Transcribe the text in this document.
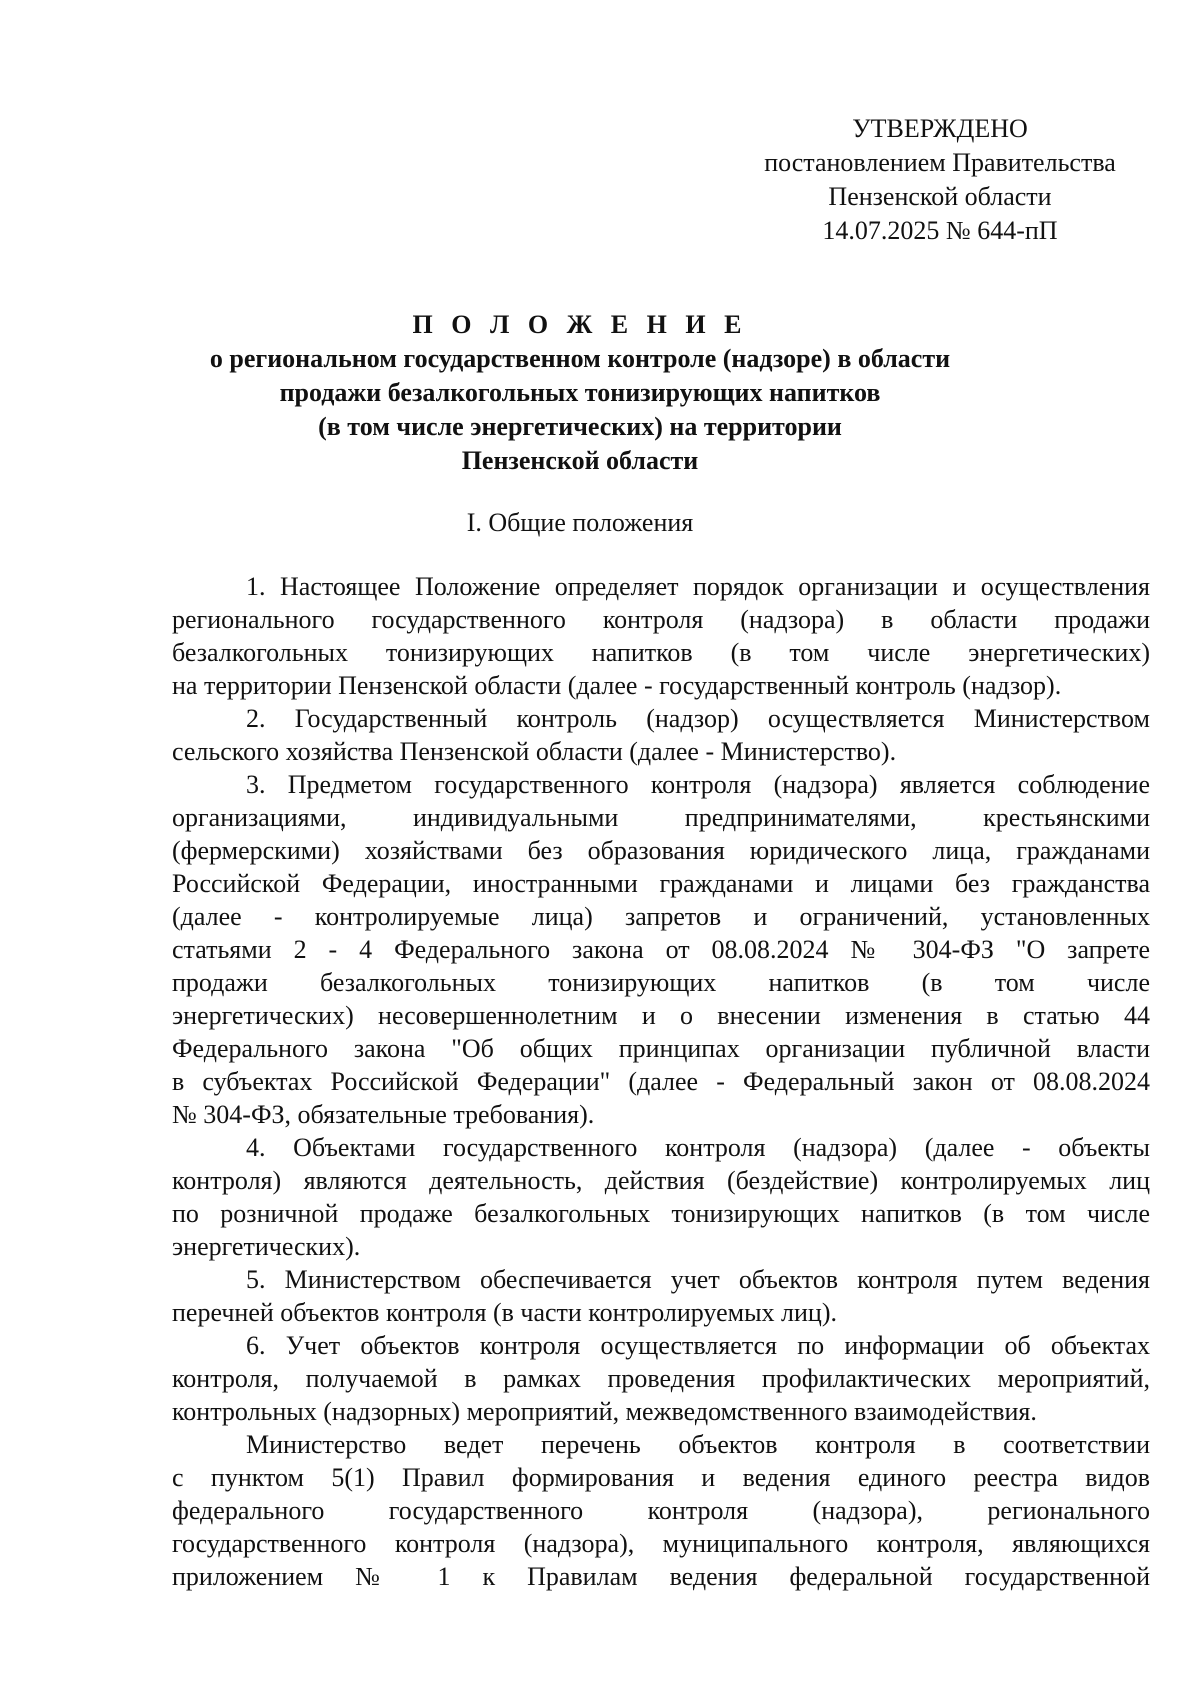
УТВЕРЖДЕНО
постановлением Правительства
Пензенской области
14.07.2025 № 644-пП
П О Л О Ж Е Н И Е
о региональном государственном контроле (надзоре) в области
продажи безалкогольных тонизирующих напитков
(в том числе энергетических) на территории
Пензенской области
I. Общие положения
1. Настоящее Положение определяет порядок организации и осуществления
регионального государственного контроля (надзора) в области продажи
безалкогольных тонизирующих напитков (в том числе энергетических)
на территории Пензенской области (далее - государственный контроль (надзор).
2. Государственный контроль (надзор) осуществляется Министерством
сельского хозяйства Пензенской области (далее - Министерство).
3. Предметом государственного контроля (надзора) является соблюдение
организациями, индивидуальными предпринимателями, крестьянскими
(фермерскими) хозяйствами без образования юридического лица, гражданами
Российской Федерации, иностранными гражданами и лицами без гражданства
(далее - контролируемые лица) запретов и ограничений, установленных
статьями 2 - 4 Федерального закона от 08.08.2024 № 304-ФЗ "О запрете
продажи безалкогольных тонизирующих напитков (в том числе
энергетических) несовершеннолетним и о внесении изменения в статью 44
Федерального закона "Об общих принципах организации публичной власти
в субъектах Российской Федерации" (далее - Федеральный закон от 08.08.2024
№ 304-ФЗ, обязательные требования).
4. Объектами государственного контроля (надзора) (далее - объекты
контроля) являются деятельность, действия (бездействие) контролируемых лиц
по розничной продаже безалкогольных тонизирующих напитков (в том числе
энергетических).
5. Министерством обеспечивается учет объектов контроля путем ведения
перечней объектов контроля (в части контролируемых лиц).
6. Учет объектов контроля осуществляется по информации об объектах
контроля, получаемой в рамках проведения профилактических мероприятий,
контрольных (надзорных) мероприятий, межведомственного взаимодействия.
Министерство ведет перечень объектов контроля в соответствии
с пунктом 5(1) Правил формирования и ведения единого реестра видов
федерального государственного контроля (надзора), регионального
государственного контроля (надзора), муниципального контроля, являющихся
приложением № 1 к Правилам ведения федеральной государственной
